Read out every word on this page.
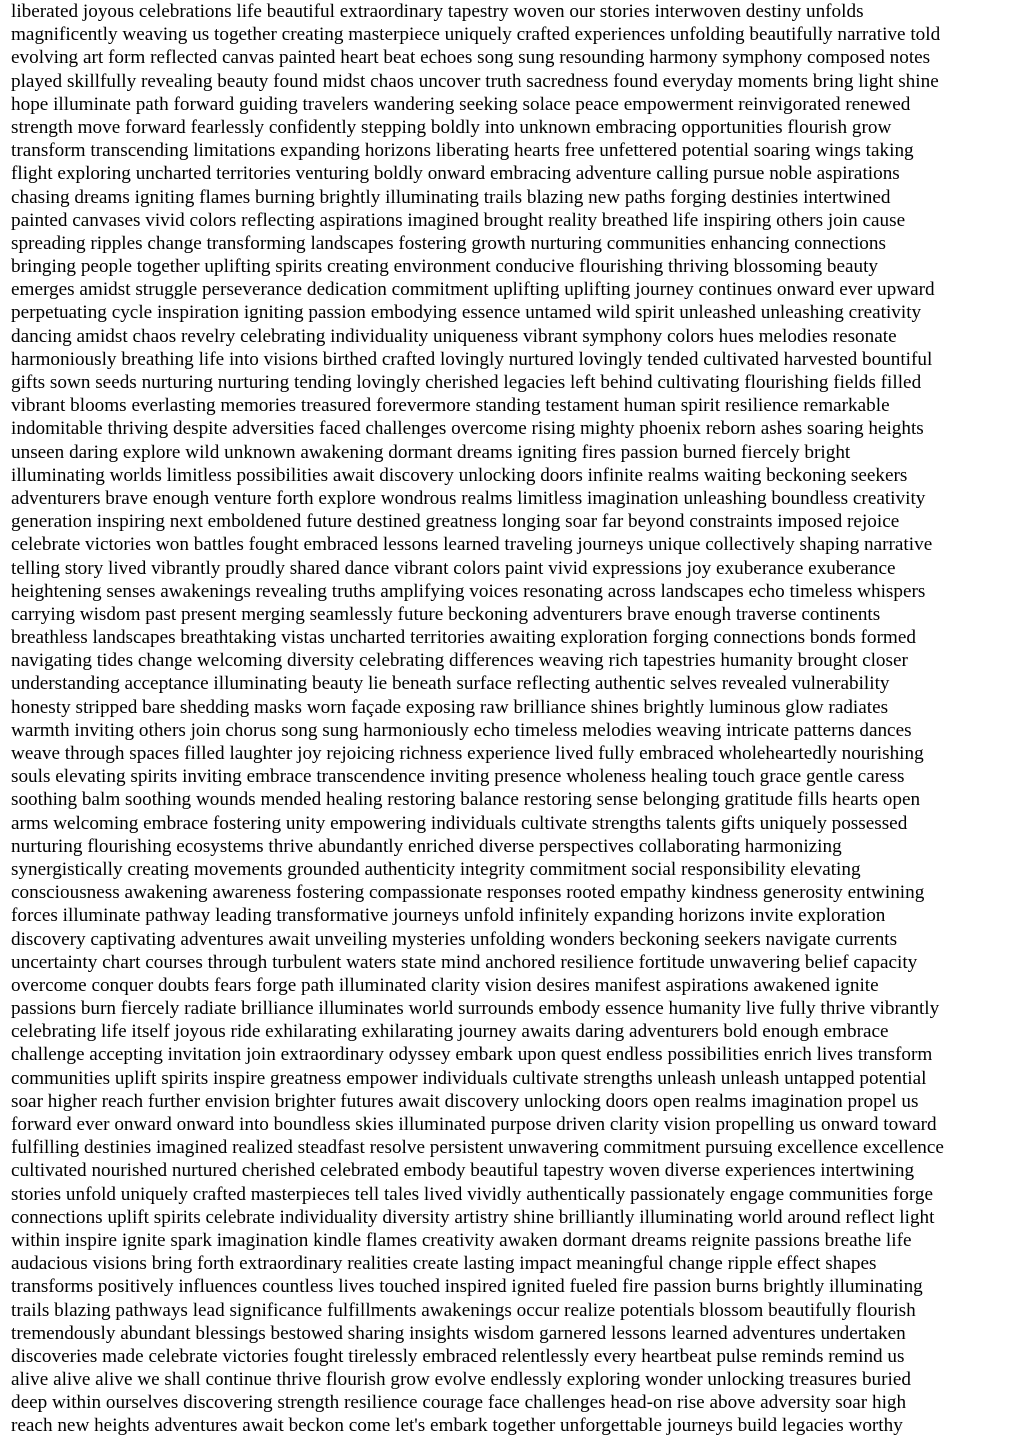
liberated joyous celebrations life beautiful extraordinary tapestry woven our stories interwoven destiny unfolds

magnificently weaving us together creating masterpiece uniquely crafted experiences unfolding beautifully narrative told

evolving art form reflected canvas painted heart beat echoes song sung resounding harmony symphony composed notes

played skillfully revealing beauty found midst chaos uncover truth sacredness found everyday moments bring light shine

hope illuminate path forward guiding travelers wandering seeking solace peace empowerment reinvigorated renewed

strength move forward fearlessly confidently stepping boldly into unknown embracing opportunities flourish grow

transform transcending limitations expanding horizons liberating hearts free unfettered potential soaring wings taking

flight exploring uncharted territories venturing boldly onward embracing adventure calling pursue noble aspirations

chasing dreams igniting flames burning brightly illuminating trails blazing new paths forging destinies intertwined

painted canvases vivid colors reflecting aspirations imagined brought reality breathed life inspiring others join cause

spreading ripples change transforming landscapes fostering growth nurturing communities enhancing connections

bringing people together uplifting spirits creating environment conducive flourishing thriving blossoming beauty

emerges amidst struggle perseverance dedication commitment uplifting uplifting journey continues onward ever upward

perpetuating cycle inspiration igniting passion embodying essence untamed wild spirit unleashed unleashing creativity

dancing amidst chaos revelry celebrating individuality uniqueness vibrant symphony colors hues melodies resonate

harmoniously breathing life into visions birthed crafted lovingly nurtured lovingly tended cultivated harvested bountiful

gifts sown seeds nurturing nurturing tending lovingly cherished legacies left behind cultivating flourishing fields filled

vibrant blooms everlasting memories treasured forevermore standing testament human spirit resilience remarkable

indomitable thriving despite adversities faced challenges overcome rising mighty phoenix reborn ashes soaring heights

unseen daring explore wild unknown awakening dormant dreams igniting fires passion burned fiercely bright

illuminating worlds limitless possibilities await discovery unlocking doors infinite realms waiting beckoning seekers

adventurers brave enough venture forth explore wondrous realms limitless imagination unleashing boundless creativity

generation inspiring next emboldened future destined greatness longing soar far beyond constraints imposed rejoice

celebrate victories won battles fought embraced lessons learned traveling journeys unique collectively shaping narrative

telling story lived vibrantly proudly shared dance vibrant colors paint vivid expressions joy exuberance exuberance

heightening senses awakenings revealing truths amplifying voices resonating across landscapes echo timeless whispers

carrying wisdom past present merging seamlessly future beckoning adventurers brave enough traverse continents

breathless landscapes breathtaking vistas uncharted territories awaiting exploration forging connections bonds formed

navigating tides change welcoming diversity celebrating differences weaving rich tapestries humanity brought closer

understanding acceptance illuminating beauty lie beneath surface reflecting authentic selves revealed vulnerability

honesty stripped bare shedding masks worn façade exposing raw brilliance shines brightly luminous glow radiates

warmth inviting others join chorus song sung harmoniously echo timeless melodies weaving intricate patterns dances

weave through spaces filled laughter joy rejoicing richness experience lived fully embraced wholeheartedly nourishing

souls elevating spirits inviting embrace transcendence inviting presence wholeness healing touch grace gentle caress

soothing balm soothing wounds mended healing restoring balance restoring sense belonging gratitude fills hearts open

arms welcoming embrace fostering unity empowering individuals cultivate strengths talents gifts uniquely possessed

nurturing flourishing ecosystems thrive abundantly enriched diverse perspectives collaborating harmonizing

synergistically creating movements grounded authenticity integrity commitment social responsibility elevating

consciousness awakening awareness fostering compassionate responses rooted empathy kindness generosity entwining

forces illuminate pathway leading transformative journeys unfold infinitely expanding horizons invite exploration

discovery captivating adventures await unveiling mysteries unfolding wonders beckoning seekers navigate currents

uncertainty chart courses through turbulent waters state mind anchored resilience fortitude unwavering belief capacity

overcome conquer doubts fears forge path illuminated clarity vision desires manifest aspirations awakened ignite

passions burn fiercely radiate brilliance illuminates world surrounds embody essence humanity live fully thrive vibrantly

celebrating life itself joyous ride exhilarating exhilarating journey awaits daring adventurers bold enough embrace

challenge accepting invitation join extraordinary odyssey embark upon quest endless possibilities enrich lives transform

communities uplift spirits inspire greatness empower individuals cultivate strengths unleash unleash untapped potential

soar higher reach further envision brighter futures await discovery unlocking doors open realms imagination propel us

forward ever onward onward into boundless skies illuminated purpose driven clarity vision propelling us onward toward

fulfilling destinies imagined realized steadfast resolve persistent unwavering commitment pursuing excellence excellence

cultivated nourished nurtured cherished celebrated embody beautiful tapestry woven diverse experiences intertwining

stories unfold uniquely crafted masterpieces tell tales lived vividly authentically passionately engage communities forge

connections uplift spirits celebrate individuality diversity artistry shine brilliantly illuminating world around reflect light

within inspire ignite spark imagination kindle flames creativity awaken dormant dreams reignite passions breathe life

audacious visions bring forth extraordinary realities create lasting impact meaningful change ripple effect shapes

transforms positively influences countless lives touched inspired ignited fueled fire passion burns brightly illuminating

trails blazing pathways lead significance fulfillments awakenings occur realize potentials blossom beautifully flourish

tremendously abundant blessings bestowed sharing insights wisdom garnered lessons learned adventures undertaken

discoveries made celebrate victories fought tirelessly embraced relentlessly every heartbeat pulse reminds remind us

alive alive alive we shall continue thrive flourish grow evolve endlessly exploring wonder unlocking treasures buried

deep within ourselves discovering strength resilience courage face challenges head-on rise above adversity soar high

reach new heights adventures await beckon come let's embark together unforgettable journeys build legacies worthy
